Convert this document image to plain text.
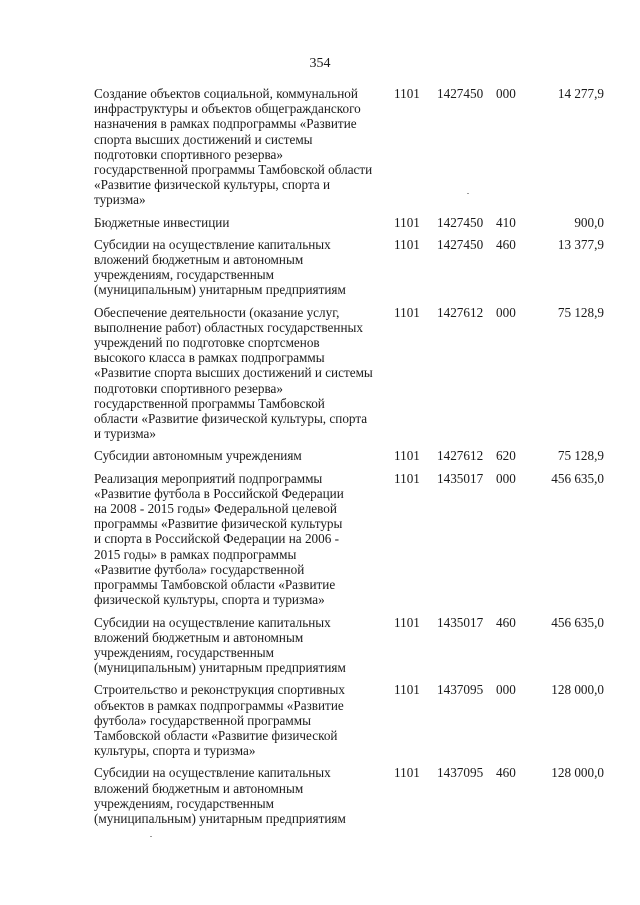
354
Создание объектов социальной, коммунальной
инфраструктуры и объектов общегражданского
назначения в рамках подпрограммы «Развитие
спорта высших достижений и системы
подготовки спортивного резерва»
государственной программы Тамбовской области
«Развитие физической культуры, спорта и
туризма»
1101 1427450 000	14 277,9
Бюджетные инвестиции	1101 1427450 410	900,0
Субсидии на осуществление капитальных
вложений бюджетным и автономным
учреждениям, государственным
(муниципальным) унитарным предприятиям
1101 1427450 460	13 377,9
Обеспечение деятельности (оказание услуг,
выполнение работ) областных государственных
учреждений по подготовке спортсменов
высокого класса в рамках подпрограммы
«Развитие спорта высших достижений и системы
подготовки спортивного резерва»
государственной программы Тамбовской
области «Развитие физической культуры, спорта
и туризма»
1101 1427612 000	75 128,9
Субсидии автономным учреждениям	1101 1427612 620	75 128,9
Реализация мероприятий подпрограммы
«Развитие футбола в Российской Федерации
на 2008 - 2015 годы» Федеральной целевой
программы «Развитие физической культуры
и спорта в Российской Федерации на 2006 -
2015 годы» в рамках подпрограммы
«Развитие футбола» государственной
программы Тамбовской области «Развитие
физической культуры, спорта и туризма»
1101 1435017 000	456 635,0
Субсидии на осуществление капитальных
вложений бюджетным и автономным
учреждениям, государственным
(муниципальным) унитарным предприятиям
1101 1435017 460	456 635,0
Строительство и реконструкция спортивных
объектов в рамках подпрограммы «Развитие
футбола» государственной программы
Тамбовской области «Развитие физической
культуры, спорта и туризма»
1101 1437095 000	128 000,0
Субсидии на осуществление капитальных
вложений бюджетным и автономным
учреждениям, государственным
(муниципальным) унитарным предприятиям
1101 1437095 460	128 000,0
